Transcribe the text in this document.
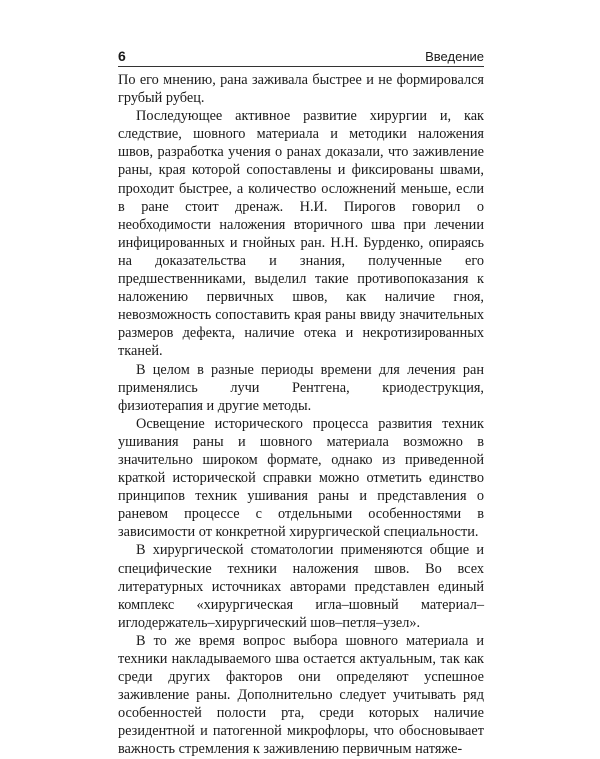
6	Введение

По его мнению, рана заживала быстрее и не формировался грубый рубец.

Последующее активное развитие хирургии и, как следствие, шовного материала и методики наложения швов, разработка учения о ранах доказали, что заживление раны, края которой сопоставлены и фиксированы швами, проходит быстрее, а количество осложнений меньше, если в ране стоит дренаж. Н.И. Пирогов говорил о необходимости наложения вторичного шва при лечении инфицированных и гнойных ран. Н.Н. Бурденко, опираясь на доказательства и знания, полученные его предшественниками, выделил такие противопоказания к наложению первичных швов, как наличие гноя, невозможность сопоставить края раны ввиду значительных размеров дефекта, наличие отека и некротизированных тканей.

В целом в разные периоды времени для лечения ран применялись лучи Рентгена, криодеструкция, физиотерапия и другие методы.

Освещение исторического процесса развития техник ушивания раны и шовного материала возможно в значительно широком формате, однако из приведенной краткой исторической справки можно отметить единство принципов техник ушивания раны и представления о раневом процессе с отдельными особенностями в зависимости от конкретной хирургической специальности.

В хирургической стоматологии применяются общие и специфические техники наложения швов. Во всех литературных источниках авторами представлен единый комплекс «хирургическая игла–шовный материал–иглодержатель–хирургический шов–петля–узел».

В то же время вопрос выбора шовного материала и техники накладываемого шва остается актуальным, так как среди других факторов они определяют успешное заживление раны. Дополнительно следует учитывать ряд особенностей полости рта, среди которых наличие резидентной и патогенной микрофлоры, что обосновывает важность стремления к заживлению первичным натяже-
